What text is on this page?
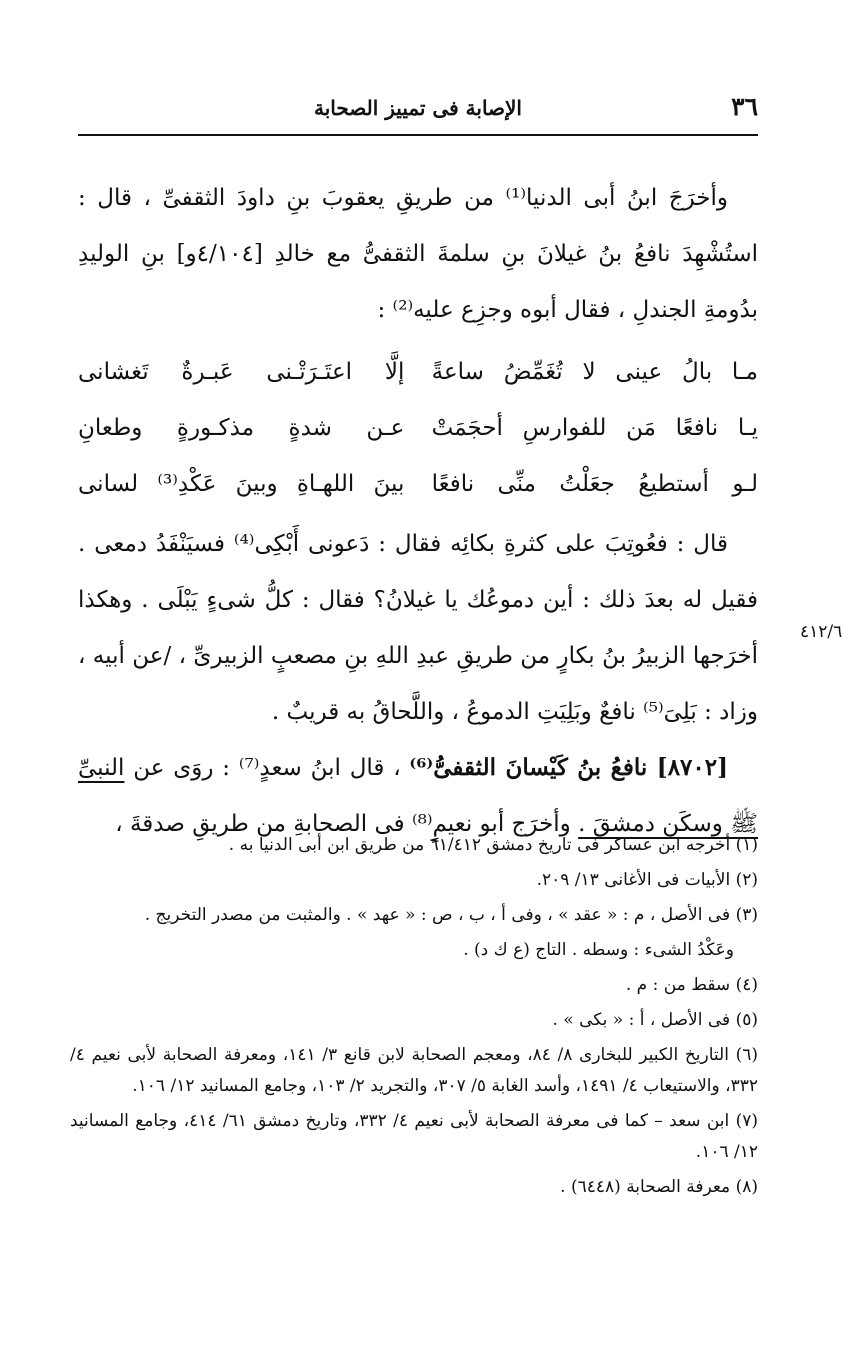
٣٦
الإصابة فى تمييز الصحابة

وأخرَجَ ابنُ أبى الدنيا⁽¹⁾ من طريقِ يعقوبَ بنِ داودَ الثقفىِّ ، قال : استُشْهِدَ نافعُ بنُ غيلانَ بنِ سلمةَ الثقفىُّ مع خالدِ [٤/١٠٤و] بنِ الوليدِ بدُومةِ الجندلِ ، فقال أبوه وجزِع عليه⁽²⁾ :

مـا بالُ عينى لا تُغَمِّضُ ساعةً
إلَّا اعتَـرَتْـنى عَبـرةٌ تَغشانى
يـا نافعًا مَن للفوارسِ أحجَمَتْ
عـن شدةٍ مذكـورةٍ وطعانِ
لـو أستطيعُ جعَلْتُ منِّى نافعًا
بينَ اللهـاةِ وبينَ عَكْدِ⁽³⁾ لسانى

قال : فعُوتِبَ على كثرةِ بكائِه فقال : دَعونى أَبْكِى⁽⁴⁾ فسيَنْفَدُ دمعى . فقيل له بعدَ ذلك : أين دموعُك يا غيلانُ؟ فقال : كلُّ شىءٍ يَبْلَى . وهكذا أخرَجها الزبيرُ بنُ بكارٍ من طريقِ عبدِ اللهِ بنِ مصعبٍ الزبيرىِّ ، /عن أبيه ، وزاد : بَلِىَ⁽⁵⁾ نافعٌ وبَلِيَتِ الدموعُ ، واللَّحاقُ به قريبٌ .

[٨٧٠٢] نافعُ بنُ كَيْسانَ الثقفىُّ⁽⁶⁾ ، قال ابنُ سعدٍ⁽⁷⁾ : روَى عن النبىِّ ﷺ وسكَن دمشقَ . وأخرَج أبو نعيمٍ⁽⁸⁾ فى الصحابةِ من طريقِ صدقةَ ،

٤١٢/٦
(١) أخرجه ابن عساكر فى تاريخ دمشق ٦١/٤١٢ من طريق ابن أبى الدنيا به .
(٢) الأبيات فى الأغانى ١٣/ ٢٠٩.
(٣) فى الأصل ، م : « عقد » ، وفى أ ، ب ، ص : « عهد » . والمثبت من مصدر التخريج .
وعَكْدُ الشىء : وسطه . التاج (ع ك د) .
(٤) سقط من : م .
(٥) فى الأصل ، أ : « بكى » .
(٦) التاريخ الكبير للبخارى ٨/ ٨٤، ومعجم الصحابة لابن قانع ٣/ ١٤١، ومعرفة الصحابة لأبى نعيم ٤/ ٣٣٢، والاستيعاب ٤/ ١٤٩١، وأسد الغابة ٥/ ٣٠٧، والتجريد ٢/ ١٠٣، وجامع المسانيد ١٢/ ١٠٦.
(٧) ابن سعد – كما فى معرفة الصحابة لأبى نعيم ٤/ ٣٣٢، وتاريخ دمشق ٦١/ ٤١٤، وجامع المسانيد ١٢/ ١٠٦.
(٨) معرفة الصحابة (٦٤٤٨) .
